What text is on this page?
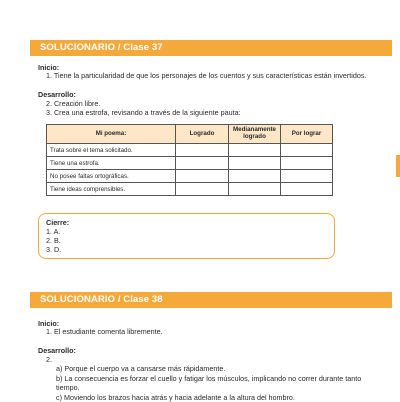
SOLUCIONARIO / Clase 37
Inicio:
1. Tiene la particularidad de que los personajes de los cuentos y sus características están invertidos.
Desarrollo:
2. Creación libre.
3. Crea una estrofa, revisando a través de la siguiente pauta:
Mi poema:	Logrado	Medianamente logrado	Por lograr
Trata sobre el tema solicitado.			
Tiene una estrofa.			
No posee faltas ortográficas.			
Tiene ideas comprensibles.			
Cierre:
1. A.
2. B.
3. D.
SOLUCIONARIO / Clase 38
Inicio:
1. El estudiante comenta libremente.
Desarrollo:
2.
a) Porque el cuerpo va a cansarse más rápidamente.
b) La consecuencia es forzar el cuello y fatigar los músculos, implicando no correr durante tanto
tiempo.
c) Moviendo los brazos hacia atrás y hacia adelante a la altura del hombro.
